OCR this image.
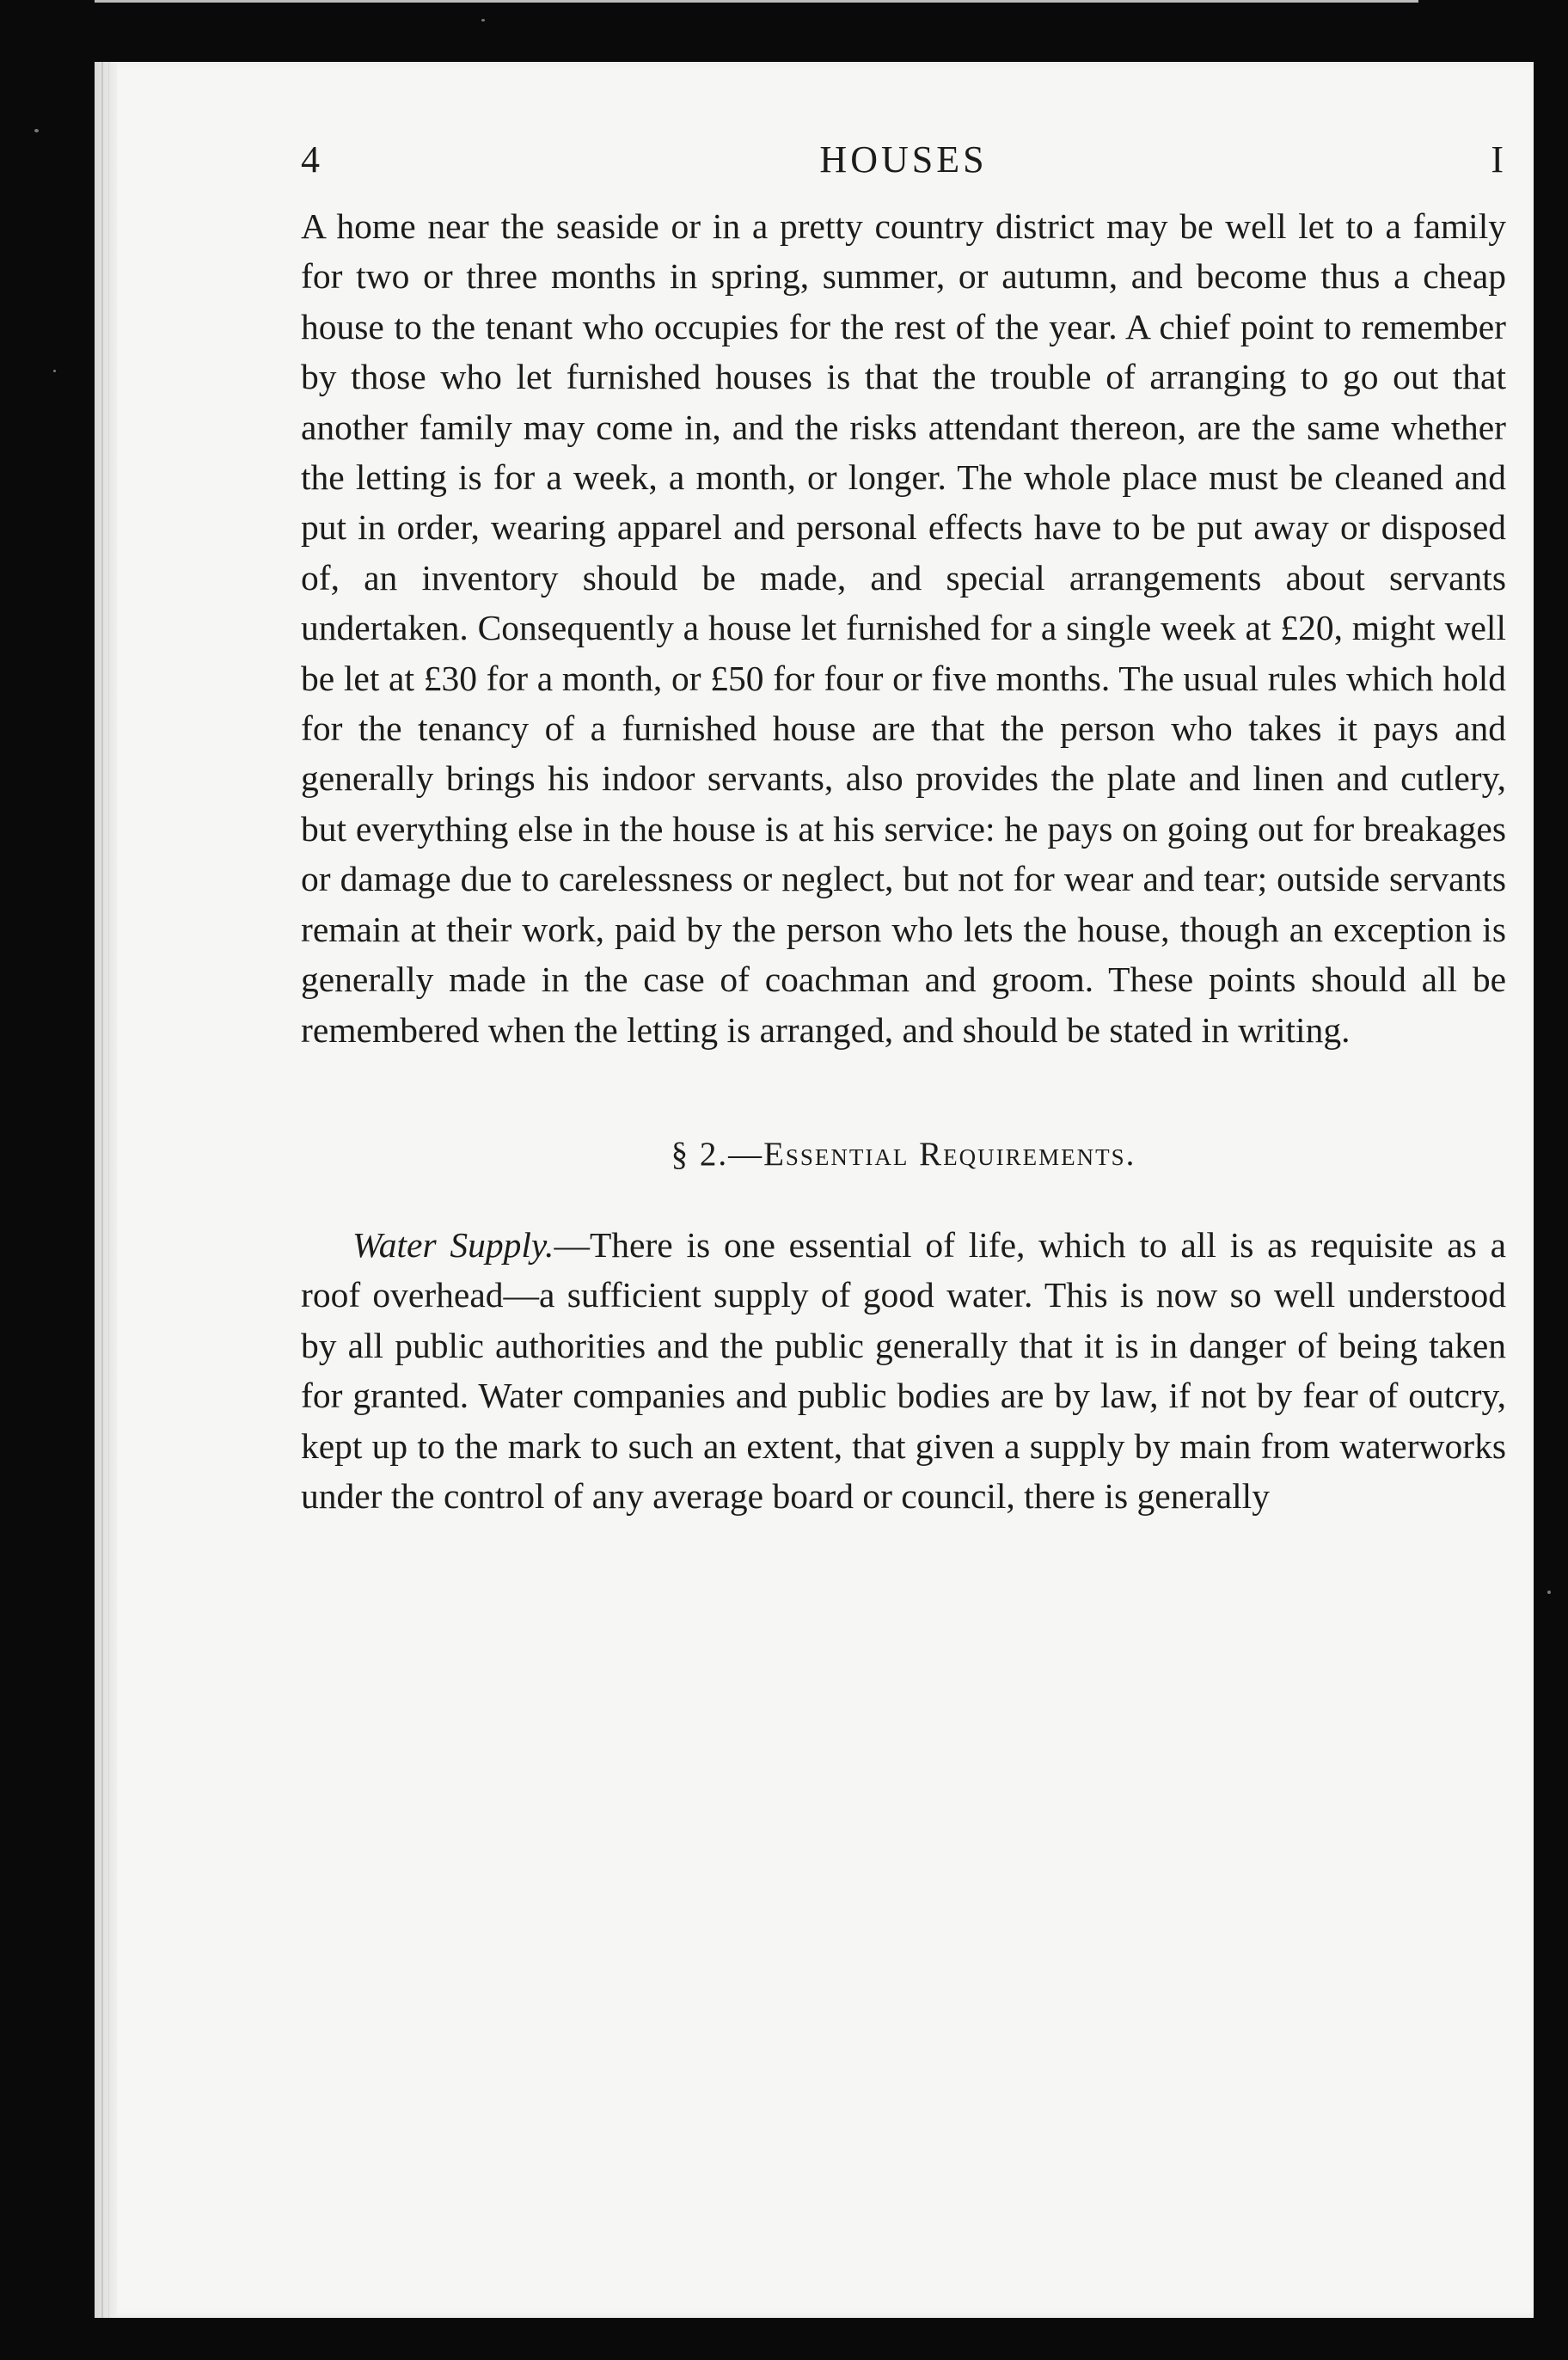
4	HOUSES	I

A home near the seaside or in a pretty country district may be well let to a family for two or three months in spring, summer, or autumn, and become thus a cheap house to the tenant who occupies for the rest of the year. A chief point to remember by those who let furnished houses is that the trouble of arranging to go out that another family may come in, and the risks attendant thereon, are the same whether the letting is for a week, a month, or longer. The whole place must be cleaned and put in order, wearing apparel and personal effects have to be put away or disposed of, an inventory should be made, and special arrangements about servants undertaken. Consequently a house let furnished for a single week at £20, might well be let at £30 for a month, or £50 for four or five months. The usual rules which hold for the tenancy of a furnished house are that the person who takes it pays and generally brings his indoor servants, also provides the plate and linen and cutlery, but everything else in the house is at his service: he pays on going out for breakages or damage due to carelessness or neglect, but not for wear and tear; outside servants remain at their work, paid by the person who lets the house, though an exception is generally made in the case of coachman and groom. These points should all be remembered when the letting is arranged, and should be stated in writing.

§ 2.—Essential Requirements.

Water Supply.—There is one essential of life, which to all is as requisite as a roof overhead—a sufficient supply of good water. This is now so well understood by all public authorities and the public generally that it is in danger of being taken for granted. Water companies and public bodies are by law, if not by fear of outcry, kept up to the mark to such an extent, that given a supply by main from waterworks under the control of any average board or council, there is generally
